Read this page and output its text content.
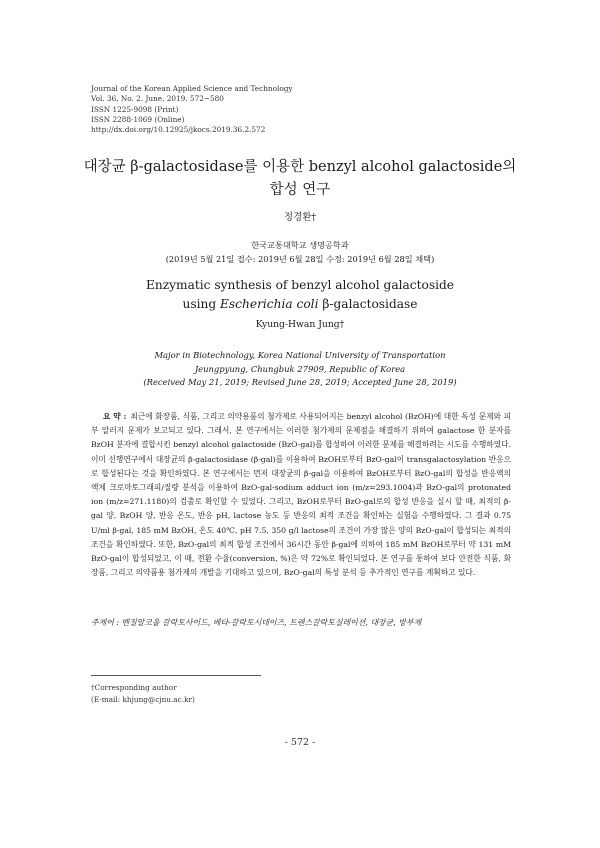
Journal of the Korean Applied Science and Technology
Vol. 36, No. 2. June, 2019. 572~580
ISSN 1225-9098 (Print)
ISSN 2288-1069 (Online)
http://dx.doi.org/10.12925/jkocs.2019.36.2.572
대장균 β-galactosidase를 이용한 benzyl alcohol galactoside의
합성 연구
정경환†
한국교통대학교 생명공학과
(2019년 5월 21일 접수: 2019년 6월 28일 수정: 2019년 6월 28일 채택)
Enzymatic synthesis of benzyl alcohol galactoside
using Escherichia coli β-galactosidase
Kyung-Hwan Jung†
Major in Biotechnology, Korea National University of Transportation
Jeungpyung, Chungbuk 27909, Republic of Korea
(Received May 21, 2019; Revised June 28, 2019; Accepted June 28, 2019)
요 약 : 최근에 화장품, 식품, 그리고 의약용품의 첨가제로 사용되어지는 benzyl alcohol (BzOH)에 대한 독성 문제와 피부 알러지 문제가 보고되고 있다. 그래서, 본 연구에서는 이러한 첨가제의 문제점을 해결하기 위하여 galactose 한 분자를 BzOH 분자에 결합시킨 benzyl alcohol galactoside (BzO-gal)를 합성하여 이러한 문제를 해결하려는 시도를 수행하였다. 이미 선행연구에서 대장균의 β-galactosidase (β-gal)를 이용하여 BzOH로부터 BzO-gal이 transgalactosylation 반응으로 합성된다는 것을 확인하였다. 본 연구에서는 먼저 대장균의 β-gal을 이용하여 BzOH로부터 BzO-gal의 합성을 반응액의 액체 크로마토그래피/질량 분석을 이용하여 BzO-gal-sodium adduct ion (m/z=293.1004)과 BzO-gal의 protonated ion (m/z=271.1180)의 검출로 확인할 수 있었다. 그리고, BzOH로부터 BzO-gal로의 합성 반응을 실시 할 때, 최적의 β-gal 양, BzOH 양, 반응 온도, 반응 pH, lactose 농도 등 반응의 최적 조건을 확인하는 실험을 수행하였다. 그 결과 0.75 U/ml β-gal, 185 mM BzOH, 온도 40℃, pH 7.5, 350 g/l lactose의 조건이 가장 많은 양의 BzO-gal이 합성되는 최적의 조건을 확인하였다. 또한, BzO-gal의 최적 합성 조건에서 36시간 동안 β-gal에 의하여 185 mM BzOH로부터 약 131 mM BzO-gal이 합성되었고, 이 때, 전환 수율(conversion, %)은 약 72%로 확인되었다. 본 연구를 통하여 보다 안전한 식품, 화장품, 그리고 의약품용 첨가제의 개발을 기대하고 있으며, BzO-gal의 특성 분석 등 추가적인 연구를 계획하고 있다.
주제어 : 벤질알코올 갈락토사이드, 베타-갈락토시데이즈, 트랜스갈락토실레이션, 대장균, 방부제
†Corresponding author
(E-mail: khjung@cjnu.ac.kr)
- 572 -
